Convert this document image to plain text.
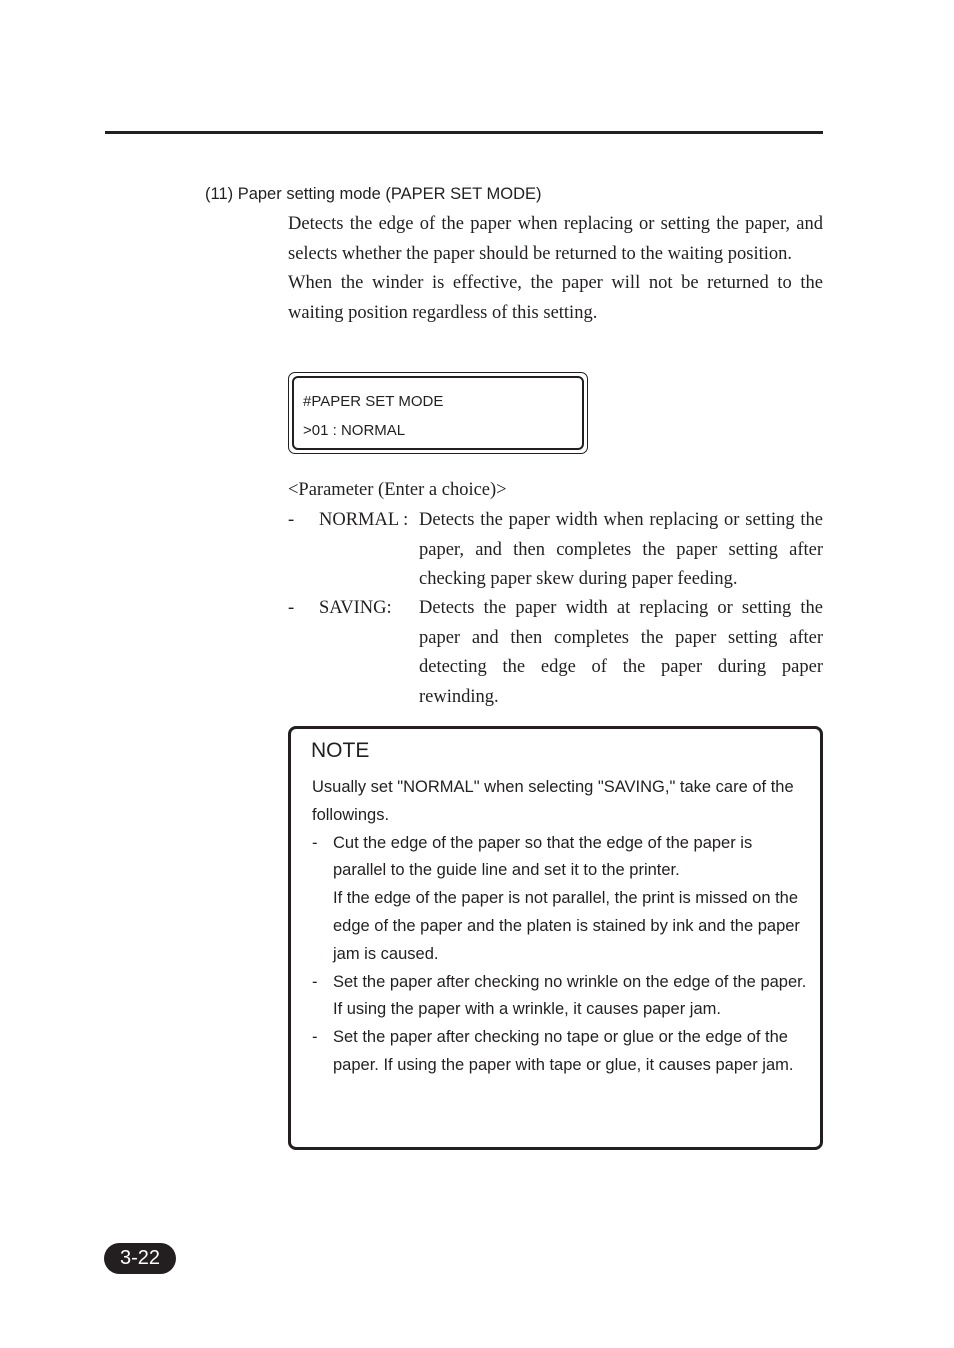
(11) Paper setting mode (PAPER SET MODE)

Detects the edge of the paper when replacing or setting the paper, and selects whether the paper should be returned to the waiting position.

When the winder is effective, the paper will not be returned to the waiting position regardless of this setting.

#PAPER SET MODE
>01 : NORMAL
<Parameter (Enter a choice)>
- NORMAL : Detects the paper width when replacing or setting the paper, and then completes the paper setting after checking paper skew during paper feeding.
- SAVING: Detects the paper width at replacing or setting the paper and then completes the paper setting after detecting the edge of the paper during paper rewinding.
NOTE

Usually set "NORMAL" when selecting "SAVING," take care of the followings.

- Cut the edge of the paper so that the edge of the paper is parallel to the guide line and set it to the printer.
If the edge of the paper is not parallel, the print is missed on the edge of the paper and the platen is stained by ink and the paper jam is caused.
- Set the paper after checking no wrinkle on the edge of the paper.
If using the paper with a wrinkle, it causes paper jam.
- Set the paper after checking no tape or glue or the edge of the paper. If using the paper with tape or glue, it causes paper jam.
3-22
